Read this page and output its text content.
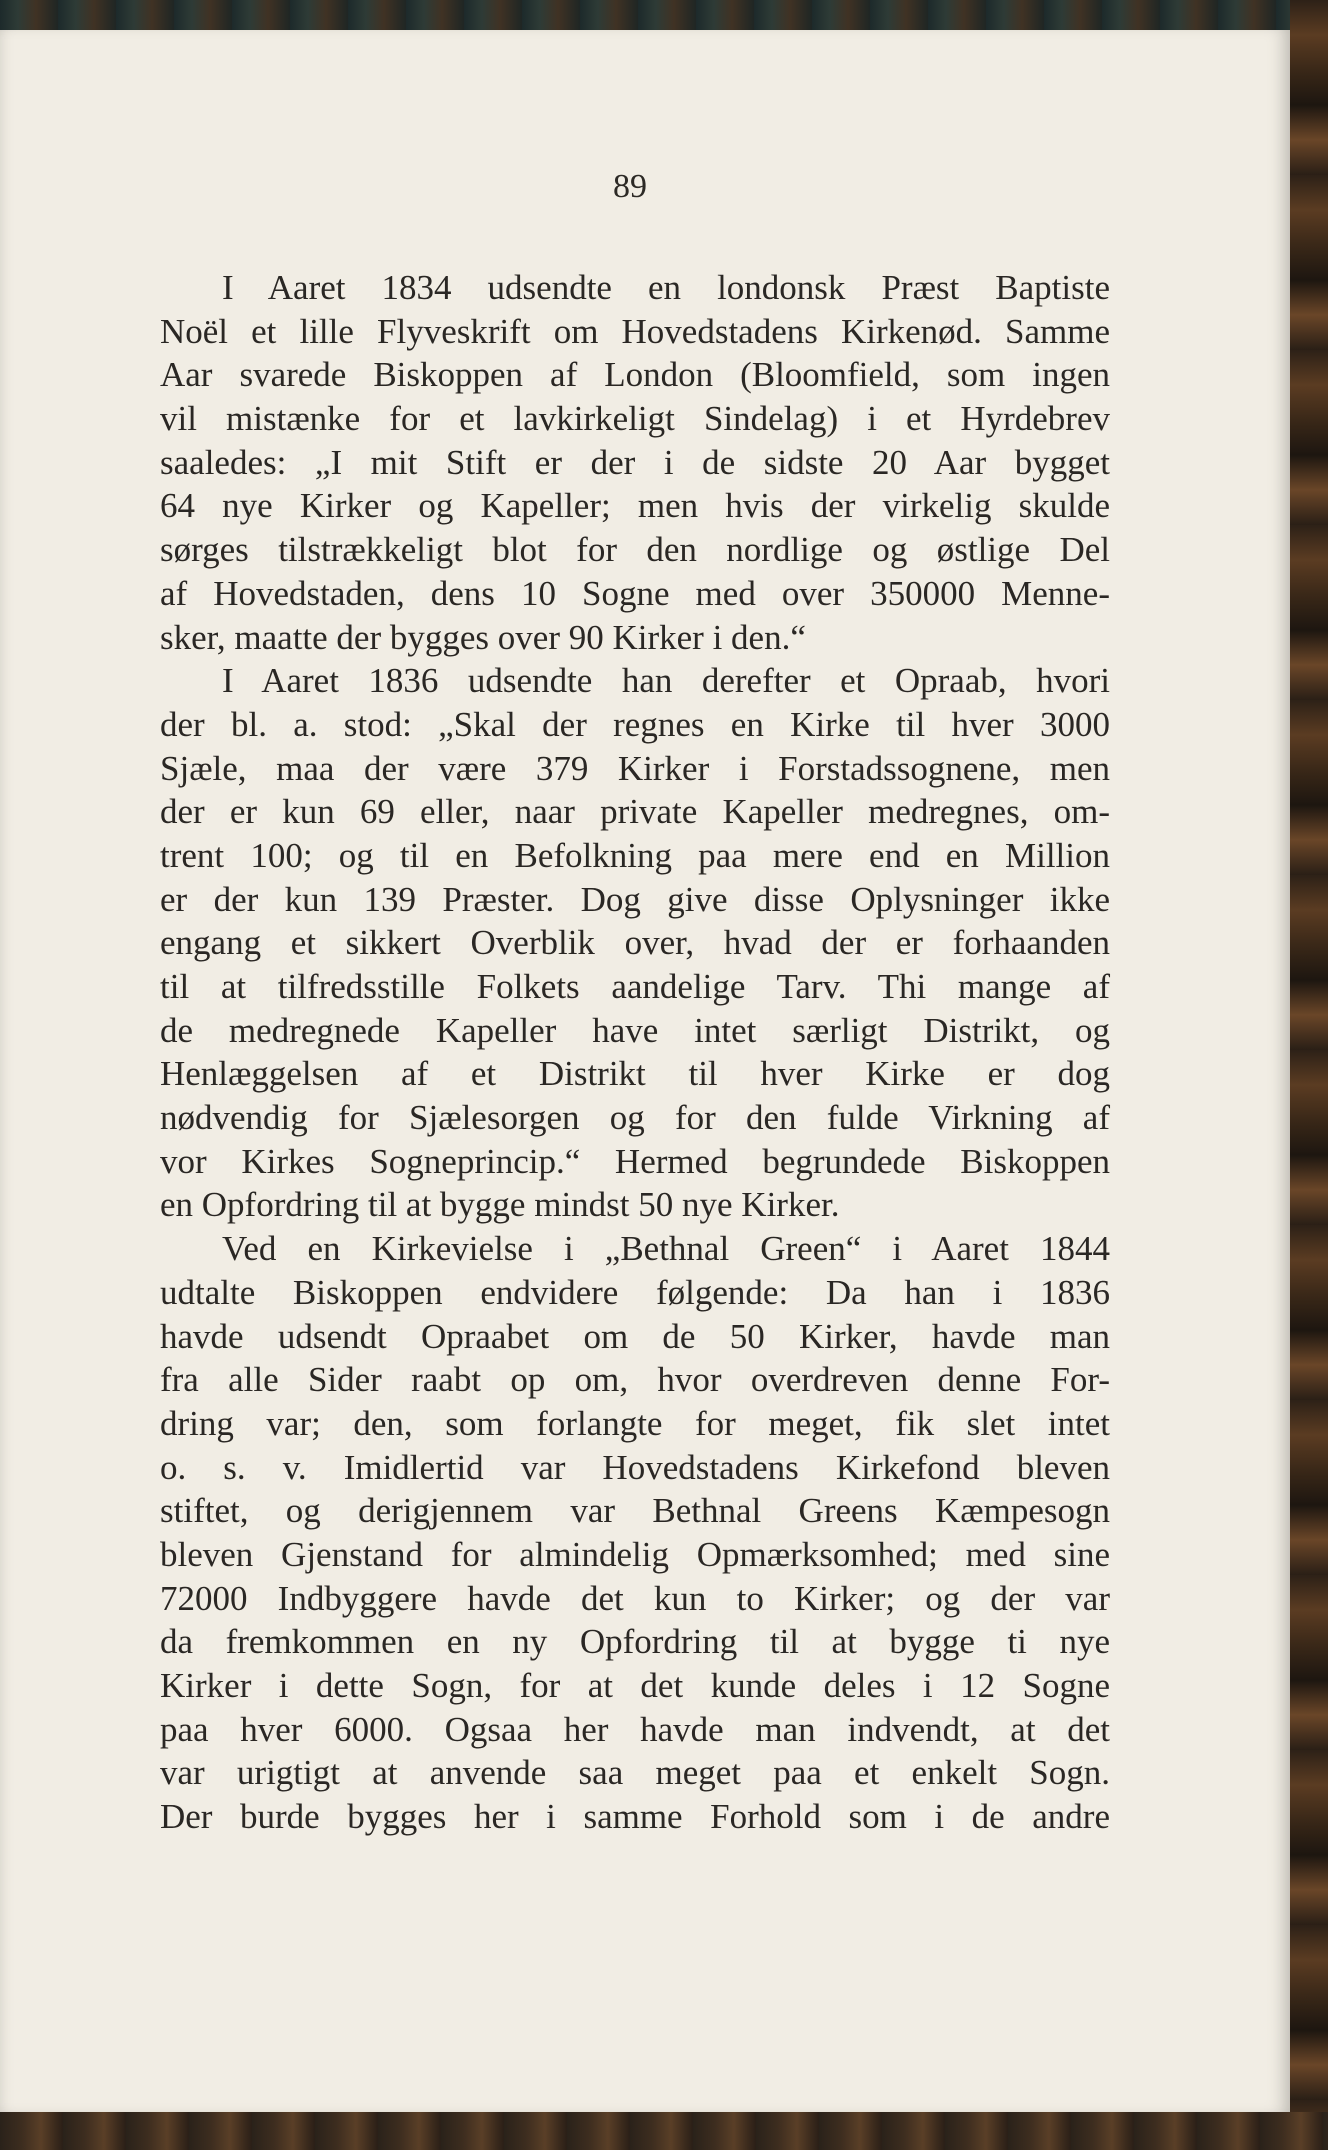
89
I Aaret 1834 udsendte en londonsk Præst Baptiste
Noël et lille Flyveskrift om Hovedstadens Kirkenød. Samme
Aar svarede Biskoppen af London (Bloomfield, som ingen
vil mistænke for et lavkirkeligt Sindelag) i et Hyrdebrev
saaledes: „I mit Stift er der i de sidste 20 Aar bygget
64 nye Kirker og Kapeller; men hvis der virkelig skulde
sørges tilstrækkeligt blot for den nordlige og østlige Del
af Hovedstaden, dens 10 Sogne med over 350000 Menne-
sker, maatte der bygges over 90 Kirker i den.“
I Aaret 1836 udsendte han derefter et Opraab, hvori
der bl. a. stod: „Skal der regnes en Kirke til hver 3000
Sjæle, maa der være 379 Kirker i Forstadssognene, men
der er kun 69 eller, naar private Kapeller medregnes, om-
trent 100; og til en Befolkning paa mere end en Million
er der kun 139 Præster. Dog give disse Oplysninger ikke
engang et sikkert Overblik over, hvad der er forhaanden
til at tilfredsstille Folkets aandelige Tarv. Thi mange af
de medregnede Kapeller have intet særligt Distrikt, og
Henlæggelsen af et Distrikt til hver Kirke er dog
nødvendig for Sjælesorgen og for den fulde Virkning af
vor Kirkes Sogneprincip.“ Hermed begrundede Biskoppen
en Opfordring til at bygge mindst 50 nye Kirker.
Ved en Kirkevielse i „Bethnal Green“ i Aaret 1844
udtalte Biskoppen endvidere følgende: Da han i 1836
havde udsendt Opraabet om de 50 Kirker, havde man
fra alle Sider raabt op om, hvor overdreven denne For-
dring var; den, som forlangte for meget, fik slet intet
o. s. v. Imidlertid var Hovedstadens Kirkefond bleven
stiftet, og derigjennem var Bethnal Greens Kæmpesogn
bleven Gjenstand for almindelig Opmærksomhed; med sine
72000 Indbyggere havde det kun to Kirker; og der var
da fremkommen en ny Opfordring til at bygge ti nye
Kirker i dette Sogn, for at det kunde deles i 12 Sogne
paa hver 6000. Ogsaa her havde man indvendt, at det
var urigtigt at anvende saa meget paa et enkelt Sogn.
Der burde bygges her i samme Forhold som i de andre
